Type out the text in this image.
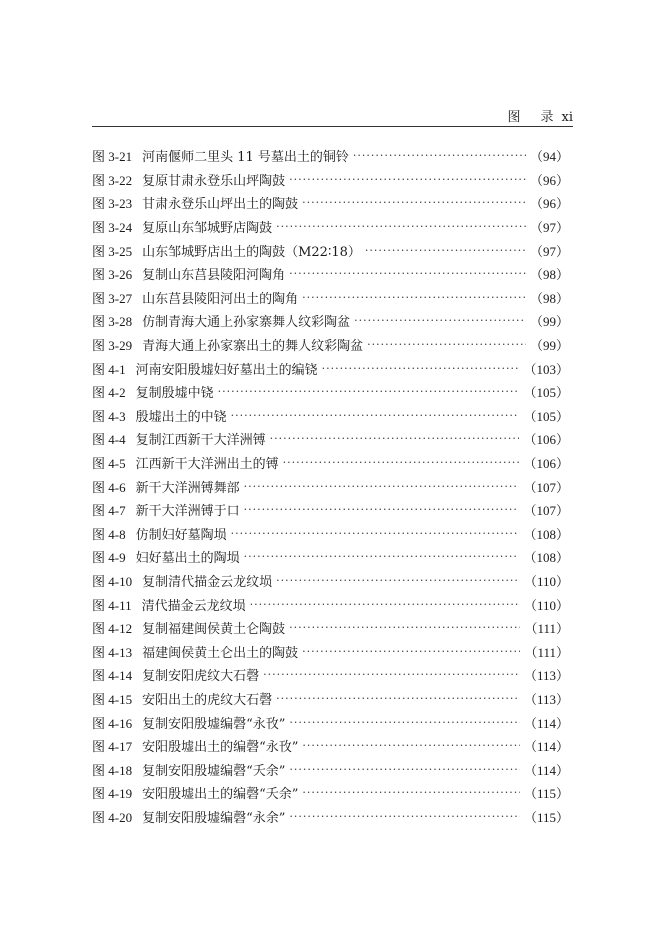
图 录 xi
图 3-21 河南偃师二里头 11 号墓出土的铜铃 ·····	（94）
图 3-22 复原甘肃永登乐山坪陶鼓 ·····	（96）
图 3-23 甘肃永登乐山坪出土的陶鼓 ·····	（96）
图 3-24 复原山东邹城野店陶鼓 ·····	（97）
图 3-25 山东邹城野店出土的陶鼓（M22∶18） ·····	（97）
图 3-26 复制山东莒县陵阳河陶角 ·····	（98）
图 3-27 山东莒县陵阳河出土的陶角 ·····	（98）
图 3-28 仿制青海大通上孙家寨舞人纹彩陶盆 ·····	（99）
图 3-29 青海大通上孙家寨出土的舞人纹彩陶盆 ·····	（99）
图 4-1 河南安阳殷墟妇好墓出土的编铙 ·····	（103）
图 4-2 复制殷墟中铙 ·····	（105）
图 4-3 殷墟出土的中铙 ·····	（105）
图 4-4 复制江西新干大洋洲镈 ·····	（106）
图 4-5 江西新干大洋洲出土的镈 ·····	（106）
图 4-6 新干大洋洲镈舞部 ·····	（107）
图 4-7 新干大洋洲镈于口 ·····	（107）
图 4-8 仿制妇好墓陶埙 ·····	（108）
图 4-9 妇好墓出土的陶埙 ·····	（108）
图 4-10 复制清代描金云龙纹埙 ·····	（110）
图 4-11 清代描金云龙纹埙 ·····	（110）
图 4-12 复制福建闽侯黄土仑陶鼓 ·····	（111）
图 4-13 福建闽侯黄土仑出土的陶鼓 ·····	（111）
图 4-14 复制安阳虎纹大石磬 ·····	（113）
图 4-15 安阳出土的虎纹大石磬 ·····	（113）
图 4-16 复制安阳殷墟编磬“永攼” ·····	（114）
图 4-17 安阳殷墟出土的编磬“永攼” ·····	（114）
图 4-18 复制安阳殷墟编磬“夭余” ·····	（114）
图 4-19 安阳殷墟出土的编磬“夭余” ·····	（115）
图 4-20 复制安阳殷墟编磬“永余” ·····	（115）
